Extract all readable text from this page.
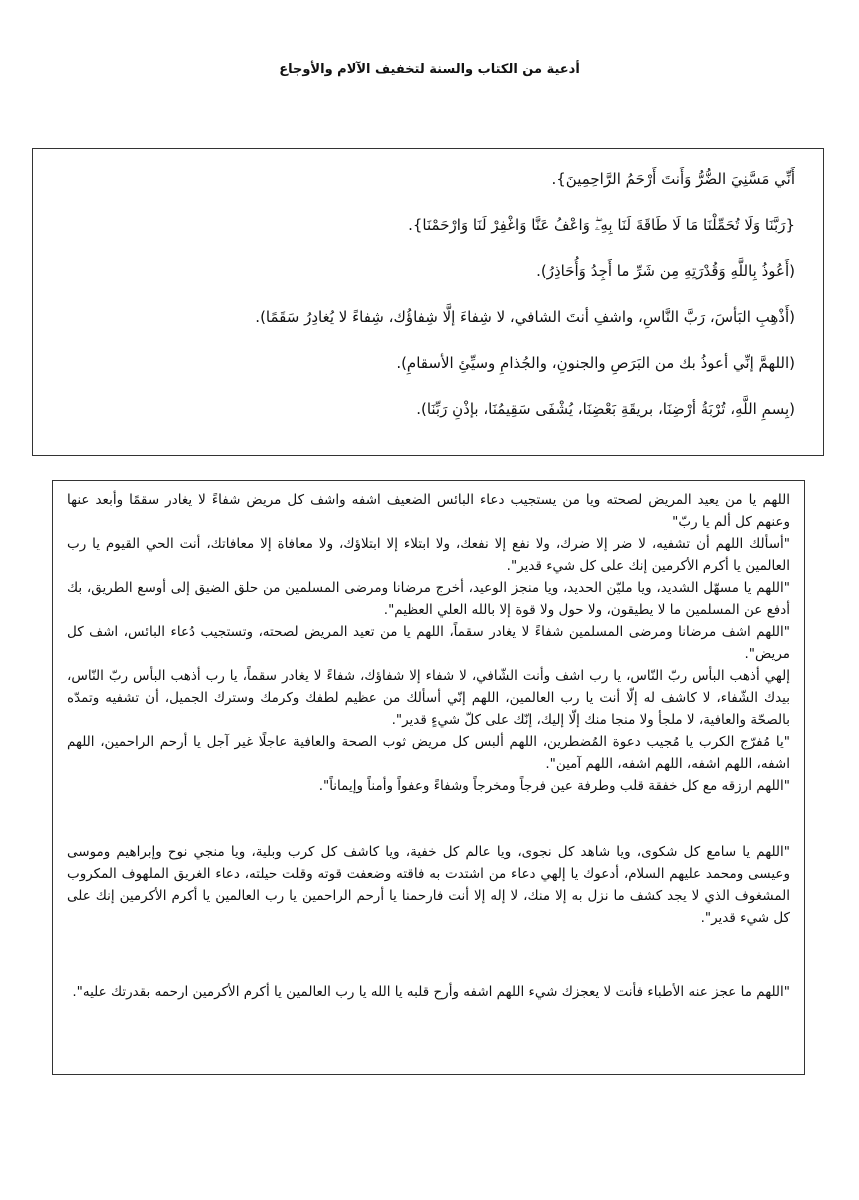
أدعية من الكتاب والسنة لتخفيف الآلام والأوجاع

أَنِّي مَسَّنِيَ الضُّرُّ وَأَنتَ أَرْحَمُ الرَّاحِمِينَ}.

{رَبَّنَا وَلَا تُحَمِّلْنَا مَا لَا طَاقَةَ لَنَا بِهِۦۖ وَاعْفُ عَنَّا وَاغْفِرْ لَنَا وَارْحَمْنَا}.

(أَعُوذُ بِاللَّهِ وَقُدْرَتِهِ مِن شَرِّ ما أَجِدُ وَأُحَاذِرُ).

(أَذْهِبِ البَأسَ، رَبَّ النَّاسِ، واشفِ أنتَ الشافي، لا شِفاءَ إلَّا شِفاؤُك، شِفاءً لا يُغادِرُ سَقَمًا).

(اللهمَّ إنِّي أعوذُ بك من البَرَصِ والجنونِ، والجُذامِ وسيِّئِ الأسقامِ).

(بِسمِ اللَّهِ، تُرْبَةُ أرْضِنَا، بريقَةِ بَعْضِنَا، يُشْفَى سَقِيمُنَا، بإذْنِ رَبِّنَا).

اللهم يا من يعيد المريض لصحته ويا من يستجيب دعاء البائس الضعيف اشفه واشف كل مريض شفاءً لا يغادر سقمًا وأبعد عنها وعنهم كل ألم يا ربّ"

"أسألك اللهم أن تشفيه، لا ضر إلا ضرك، ولا نفع إلا نفعك، ولا ابتلاء إلا ابتلاؤك، ولا معافاة إلا معافاتك، أنت الحي القيوم يا رب العالمين يا أكرم الأكرمين إنك على كل شيء قدير".

"اللهم يا مسهّل الشديد، ويا مليّن الحديد، ويا منجز الوعيد، أخرج مرضانا ومرضى المسلمين من حلق الضيق إلى أوسع الطريق، بك أدفع عن المسلمين ما لا يطيقون، ولا حول ولا قوة إلا بالله العلي العظيم".

"اللهم اشف مرضانا ومرضى المسلمين شفاءً لا يغادر سقماً، اللهم يا من تعيد المريض لصحته، وتستجيب دُعاء البائس، اشف كل مريض".

إلهي أذهب البأس ربّ النّاس، يا رب اشف وأنت الشّافي، لا شفاء إلا شفاؤك، شفاءً لا يغادر سقماً، يا رب أذهب البأس ربّ النّاس، بيدك الشّفاء، لا كاشف له إلّا أنت يا رب العالمين، اللهم إنّي أسألك من عظيم لطفك وكرمك وسترك الجميل، أن تشفيه وتمدّه بالصحّة والعافية، لا ملجأ ولا منجا منك إلّا إليك، إنّك على كلّ شيءٍ قدير".

"يا مُفرّج الكرب يا مُجيب دعوة المُضطرين، اللهم ألبس كل مريض ثوب الصحة والعافية عاجلًا غير آجل يا أرحم الراحمين، اللهم اشفه، اللهم اشفه، اللهم اشفه، اللهم آمين".

"اللهم ارزقه مع كل خفقة قلب وطرفة عين فرجاً ومخرجاً وشفاءً وعفواً وأمناً وإيماناً".

"اللهم يا سامع كل شكوى، ويا شاهد كل نجوى، ويا عالم كل خفية، ويا كاشف كل كرب وبلية، ويا منجي نوح وإبراهيم وموسى وعيسى ومحمد عليهم السلام، أدعوك يا إلهي دعاء من اشتدت به فاقته وضعفت قوته وقلت حيلته، دعاء الغريق الملهوف المكروب المشغوف الذي لا يجد كشف ما نزل به إلا منك، لا إله إلا أنت فارحمنا يا أرحم الراحمين يا رب العالمين يا أكرم الأكرمين إنك على كل شيء قدير".

"اللهم ما عجز عنه الأطباء فأنت لا يعجزك شيء اللهم اشفه وأرح قلبه يا الله يا رب العالمين يا أكرم الأكرمين ارحمه بقدرتك عليه".
